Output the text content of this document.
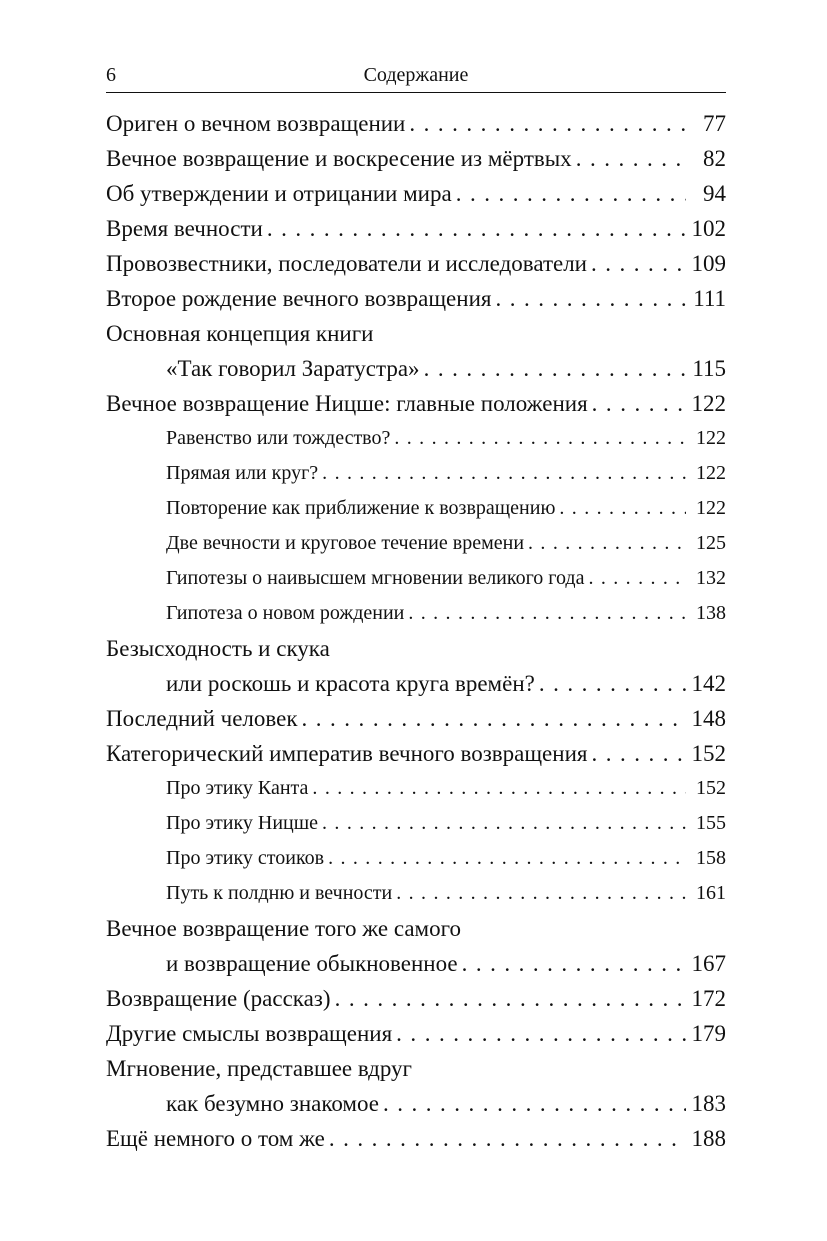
6	Содержание
Ориген о вечном возвращении . . .	77
Вечное возвращение и воскресение из мёртвых . . .	82
Об утверждении и отрицании мира . . .	94
Время вечности . . .	102
Провозвестники, последователи и исследователи . . .	109
Второе рождение вечного возвращения . . .	111
Основная концепция книги
«Так говорил Заратустра» . . .	115
Вечное возвращение Ницше: главные положения . . .	122
Равенство или тождество? . . .	122
Прямая или круг? . . .	122
Повторение как приближение к возвращению . . .	122
Две вечности и круговое течение времени . . .	125
Гипотезы о наивысшем мгновении великого года . . .	132
Гипотеза о новом рождении . . .	138
Безысходность и скука
или роскошь и красота круга времён? . . .	142
Последний человек . . .	148
Категорический императив вечного возвращения . . .	152
Про этику Канта . . .	152
Про этику Ницше . . .	155
Про этику стоиков . . .	158
Путь к полдню и вечности . . .	161
Вечное возвращение того же самого
и возвращение обыкновенное . . .	167
Возвращение (рассказ) . . .	172
Другие смыслы возвращения . . .	179
Мгновение, представшее вдруг
как безумно знакомое . . .	183
Ещё немного о том же . . .	188
